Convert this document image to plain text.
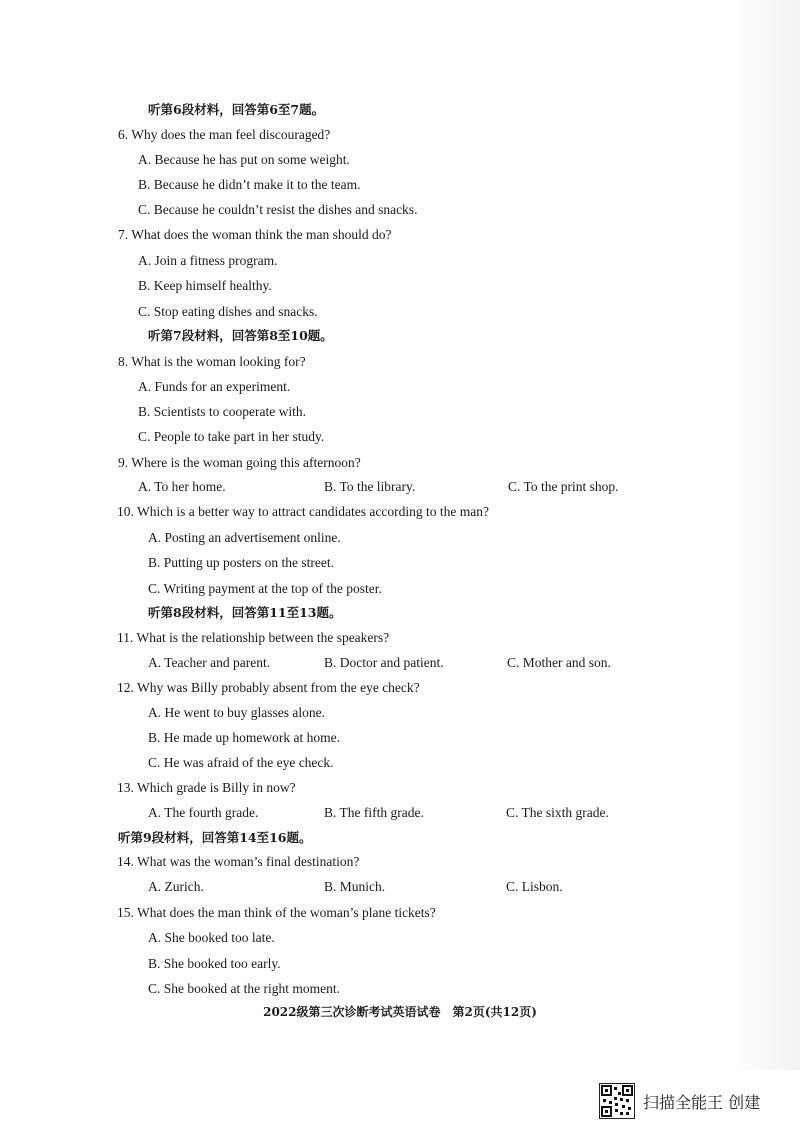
听第6段材料，回答第6至7题。
6. Why does the man feel discouraged?
A. Because he has put on some weight.
B. Because he didn’t make it to the team.
C. Because he couldn’t resist the dishes and snacks.
7. What does the woman think the man should do?
A. Join a fitness program.
B. Keep himself healthy.
C. Stop eating dishes and snacks.
听第7段材料，回答第8至10题。
8. What is the woman looking for?
A. Funds for an experiment.
B. Scientists to cooperate with.
C. People to take part in her study.
9. Where is the woman going this afternoon?
A. To her home.	B. To the library.	C. To the print shop.
10. Which is a better way to attract candidates according to the man?
A. Posting an advertisement online.
B. Putting up posters on the street.
C. Writing payment at the top of the poster.
听第8段材料，回答第11至13题。
11. What is the relationship between the speakers?
A. Teacher and parent.	B. Doctor and patient.	C. Mother and son.
12. Why was Billy probably absent from the eye check?
A. He went to buy glasses alone.
B. He made up homework at home.
C. He was afraid of the eye check.
13. Which grade is Billy in now?
A. The fourth grade.	B. The fifth grade.	C. The sixth grade.
听第9段材料，回答第14至16题。
14. What was the woman’s final destination?
A. Zurich.	B. Munich.	C. Lisbon.
15. What does the man think of the woman’s plane tickets?
A. She booked too late.
B. She booked too early.
C. She booked at the right moment.
2022级第三次诊断考试英语试卷　第2页(共12页)
扫描全能王 创建
